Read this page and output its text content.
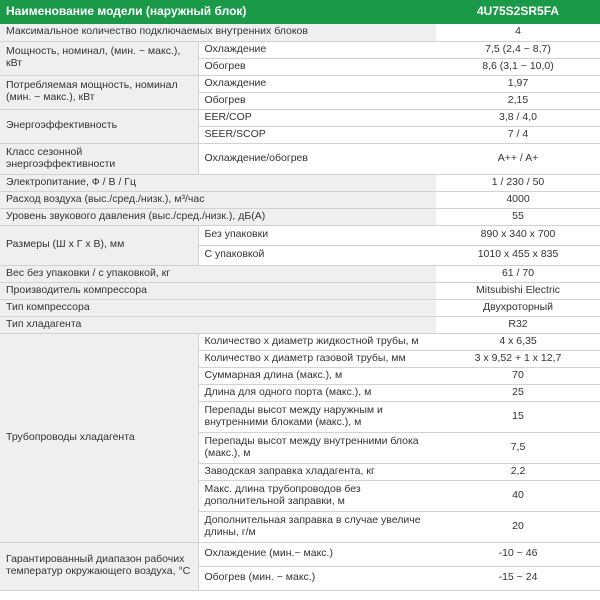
Наименование модели (наружный блок)		4U75S2SR5FA
Максимальное количество подключаемых внутренних блоков		4
Мощность, номинал, (мин. ~ макс.), кВт	Охлаждение	7,5 (2,4 ~ 8,7)
	Обогрев	8,6 (3,1 ~ 10,0)
Потребляемая мощность, номинал (мин. ~ макс.), кВт	Охлаждение	1,97
	Обогрев	2,15
Энергоэффективность	EER/COP	3,8 / 4,0
	SEER/SCOP	7 / 4
Класс сезонной энергоэффективности	Охлаждение/обогрев	A++ / A+
Электропитание, Ф / В / Гц		1 / 230 / 50
Расход воздуха (выс./сред./низк.), м³/час		4000
Уровень звукового давления (выс./сред./низк.), дБ(А)		55
Размеры (Ш х Г х В), мм	Без упаковки	890 x 340 x 700
	С упаковкой	1010 x 455 x 835
Вес без упаковки / с упаковкой, кг		61 / 70
Производитель компрессора		Mitsubishi Electric
Тип компрессора		Двухроторный
Тип хладагента		R32
Трубопроводы хладагента	Количество х диаметр жидкостной трубы, м	4 x 6,35
	Количество х диаметр газовой трубы, мм	3 x 9,52 + 1 x 12,7
	Суммарная длина (макс.), м	70
	Длина для одного порта (макс.), м	25
	Перепады высот между наружным и внутренними блоками (макс.), м	15
	Перепады высот между внутренними блока (макс.), м	7,5
	Заводская заправка хладагента, кг	2,2
	Макс. длина трубопроводов без дополнительной заправки, м	40
	Дополнительная заправка в случае увеличе длины, г/м	20
Гарантированный диапазон рабочих температур окружающего воздуха, °C	Охлаждение (мин.~ макс.)	-10 ~ 46
	Обогрев (мин. ~ макс.)	-15 ~ 24
